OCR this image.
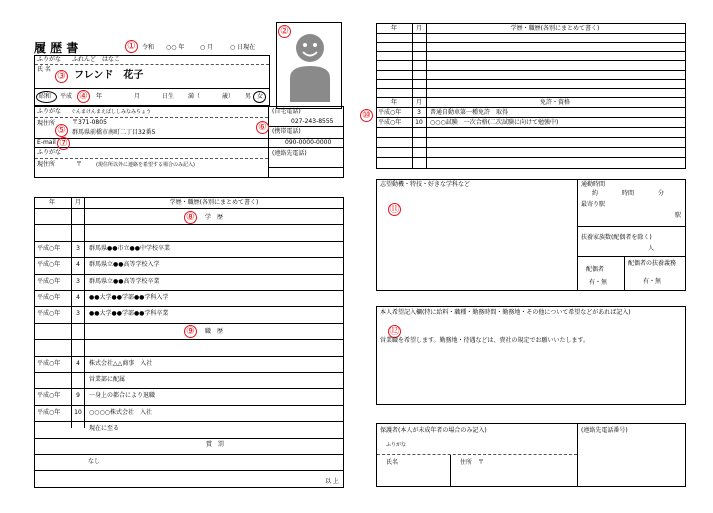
履 歴 書	①	令和 ○○ 年	○ 月	○ 日現在
②
ふりがな ふれんど　はなこ
氏 名
③ フレンド　花子
昭和 平成 ④	年	月	日生 満（	歳） 男 女
ふりがな ぐんまけんまえばししみなみちょう
現住所
⑤
〒371-0805
群馬県前橋市南町二丁目32番5
(自宅電話)
⑥
027-243-8555
(携帯電話)
090-0000-0000
E-mail ⑦
ふりがな
現住所	〒	(現住所以外に連絡を希望する場合のみ記入)
(連絡先電話)
年	月	学歴・職歴(各別にまとめて書く)
⑧	学　歴
⑨	職　歴
平成○年	3 群馬県●●市立●●中学校卒業
平成○年	4 群馬県立●●高等学校入学
平成○年	3 群馬県立●●高等学校卒業
平成○年	4 ●●大学●●学部●●学科入学
平成○年	3 ●●大学●●学部●●学科卒業
平成○年	4 株式会社△△商事　入社
営業部に配属
平成○年	9 一身上の都合により退職
平成○年 10 ○○○○株式会社　入社
現在に至る
賞　罰
なし
以 上
年	月	学歴・職歴(各別にまとめて書く)
年	月	免許・資格
⑩	平成○年	3 普通自動車第一種免許　取得
平成○年 10 ○○○試験　一次合格(二次試験に向けて勉強中)
志望動機・特技・好きな学科など
⑪
通勤時間
約　　　　時間　　　　分
最寄り駅
駅
扶養家族数(配偶者を除く)
人
配偶者
有・無
配偶者の扶養義務
有・無
本人希望記入欄(特に給料・職種・勤務時間・勤務地・その他について希望などがあれば記入)
⑫
営業職を希望します。勤務地・待遇などは、貴社の規定でお願いいたします。
保護者(本人が未成年者の場合のみ記入)
ふりがな
氏名	住所　〒
(連絡先電話番号)
